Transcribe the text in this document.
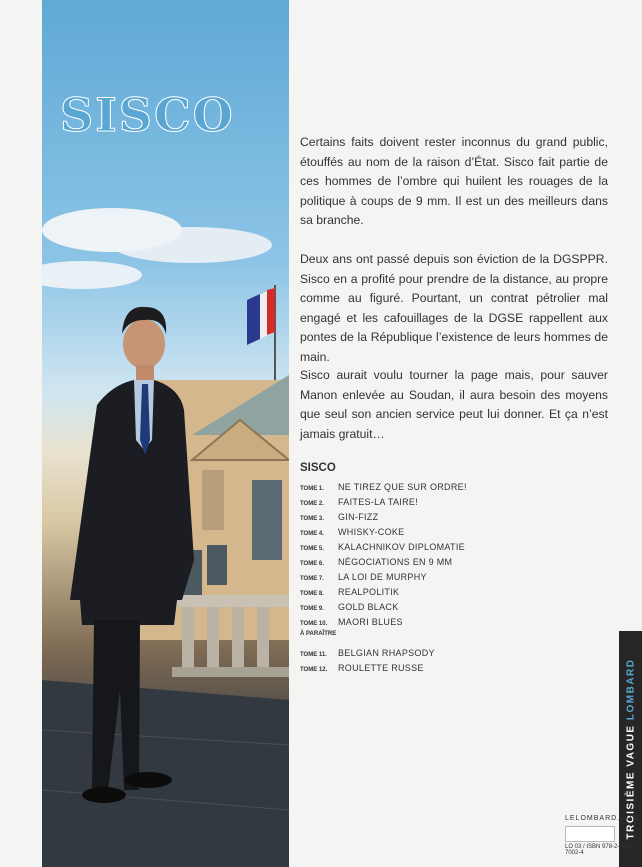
SISCO	Certains faits doivent rester inconnus du grand public, étouffés au nom de la raison d’État. Sisco fait partie de ces hommes de l’ombre qui huilent les rouages de la politique à coups de 9 mm. Il est un des meilleurs dans sa branche.

Deux ans ont passé depuis son éviction de la DGSPPR. Sisco en a profité pour prendre de la distance, au propre comme au figuré. Pourtant, un contrat pétrolier mal engagé et les cafouillages de la DGSE rappellent aux pontes de la République l’existence de leurs hommes de main.

Sisco aurait voulu tourner la page mais, pour sauver Manon enlevée au Soudan, il aura besoin des moyens que seul son ancien service peut lui donner. Et ça n’est jamais gratuit…

SISCO
TOME 1. NE TIREZ QUE SUR ORDRE!
TOME 2. FAITES-LA TAIRE!
TOME 3. GIN-FIZZ
TOME 4. WHISKY-COKE
TOME 5. KALACHNIKOV DIPLOMATIE
TOME 6. NÉGOCIATIONS EN 9 MM
TOME 7. LA LOI DE MURPHY
TOME 8. REALPOLITIK
TOME 9. GOLD BLACK
TOME 10. MAORI BLUES
À PARAÎTRE
TOME 11. BELGIAN RHAPSODY
TOME 12. ROULETTE RUSSE
TROISIÈME VAGUE LOMBARD
LELOMBARD.COM
LO 03 / ISBN 978-2-8036-7002-4
